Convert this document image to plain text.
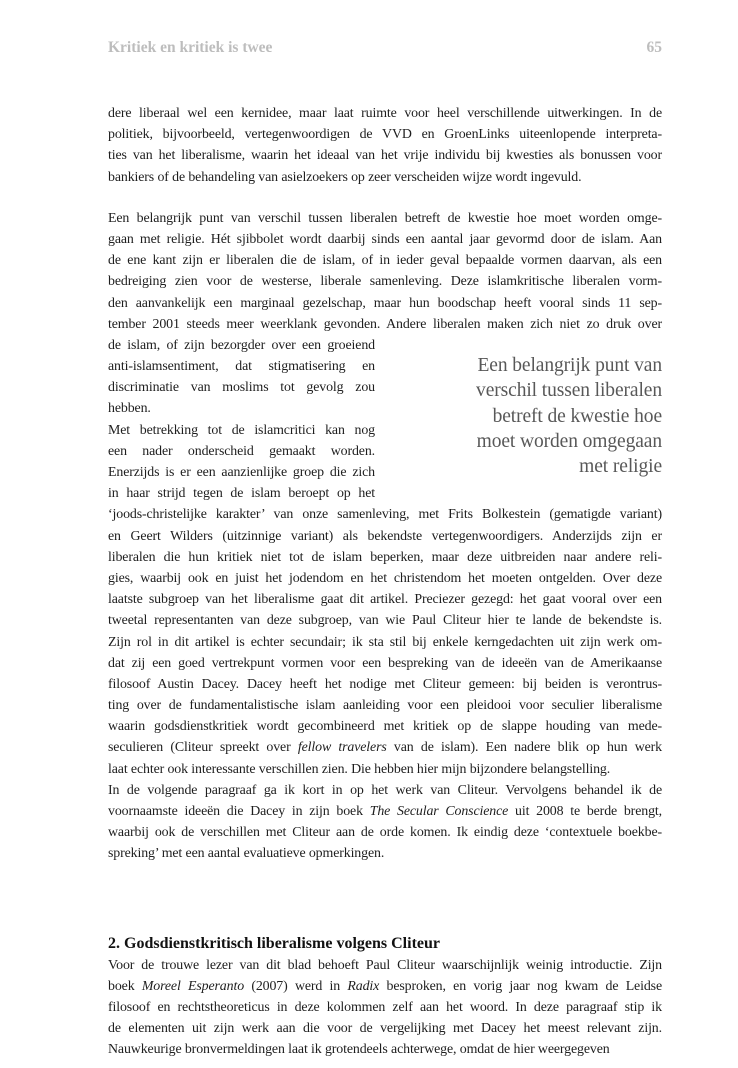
Kritiek en kritiek is twee	65
dere liberaal wel een kernidee, maar laat ruimte voor heel verschillende uitwerkingen. In de
politiek, bijvoorbeeld, vertegenwoordigen de VVD en GroenLinks uiteenlopende interpreta-
ties van het liberalisme, waarin het ideaal van het vrije individu bij kwesties als bonussen voor
bankiers of de behandeling van asielzoekers op zeer verscheiden wijze wordt ingevuld.
Een belangrijk punt van verschil tussen liberalen betreft de kwestie hoe moet worden omge-
gaan met religie. Hét sjibbolet wordt daarbij sinds een aantal jaar gevormd door de islam. Aan
de ene kant zijn er liberalen die de islam, of in ieder geval bepaalde vormen daarvan, als een
bedreiging zien voor de westerse, liberale samenleving. Deze islamkritische liberalen vorm-
den aanvankelijk een marginaal gezelschap, maar hun boodschap heeft vooral sinds 11 sep-
tember 2001 steeds meer weerklank gevonden. Andere liberalen maken zich niet zo druk over
de islam, of zijn bezorgder over een groeiend
anti-islamsentiment, dat stigmatisering en
discriminatie van moslims tot gevolg zou
hebben.
Met betrekking tot de islamcritici kan nog
een nader onderscheid gemaakt worden.
Enerzijds is er een aanzienlijke groep die zich
in haar strijd tegen de islam beroept op het
‘joods-christelijke karakter’ van onze samenleving, met Frits Bolkestein (gematigde variant)
en Geert Wilders (uitzinnige variant) als bekendste vertegenwoordigers. Anderzijds zijn er
liberalen die hun kritiek niet tot de islam beperken, maar deze uitbreiden naar andere reli-
gies, waarbij ook en juist het jodendom en het christendom het moeten ontgelden. Over deze
laatste subgroep van het liberalisme gaat dit artikel. Preciezer gezegd: het gaat vooral over een
tweetal representanten van deze subgroep, van wie Paul Cliteur hier te lande de bekendste is.
Zijn rol in dit artikel is echter secundair; ik sta stil bij enkele kerngedachten uit zijn werk om-
dat zij een goed vertrekpunt vormen voor een bespreking van de ideeën van de Amerikaanse
filosoof Austin Dacey. Dacey heeft het nodige met Cliteur gemeen: bij beiden is verontrus-
ting over de fundamentalistische islam aanleiding voor een pleidooi voor seculier liberalisme
waarin godsdienstkritiek wordt gecombineerd met kritiek op de slappe houding van mede-
seculieren (Cliteur spreekt over fellow travelers van de islam). Een nadere blik op hun werk
laat echter ook interessante verschillen zien. Die hebben hier mijn bijzondere belangstelling.
In de volgende paragraaf ga ik kort in op het werk van Cliteur. Vervolgens behandel ik de
voornaamste ideeën die Dacey in zijn boek The Secular Conscience uit 2008 te berde brengt,
waarbij ook de verschillen met Cliteur aan de orde komen. Ik eindig deze ‘contextuele boekbe-
spreking’ met een aantal evaluatieve opmerkingen.
2. Godsdienstkritisch liberalisme volgens Cliteur
Voor de trouwe lezer van dit blad behoeft Paul Cliteur waarschijnlijk weinig introductie. Zijn
boek Moreel Esperanto (2007) werd in Radix besproken, en vorig jaar nog kwam de Leidse
filosoof en rechtstheoreticus in deze kolommen zelf aan het woord. In deze paragraaf stip ik
de elementen uit zijn werk aan die voor de vergelijking met Dacey het meest relevant zijn.
Nauwkeurige bronvermeldingen laat ik grotendeels achterwege, omdat de hier weergegeven
Een belangrijk punt van
verschil tussen liberalen
betreft de kwestie hoe
moet worden omgegaan
met religie
